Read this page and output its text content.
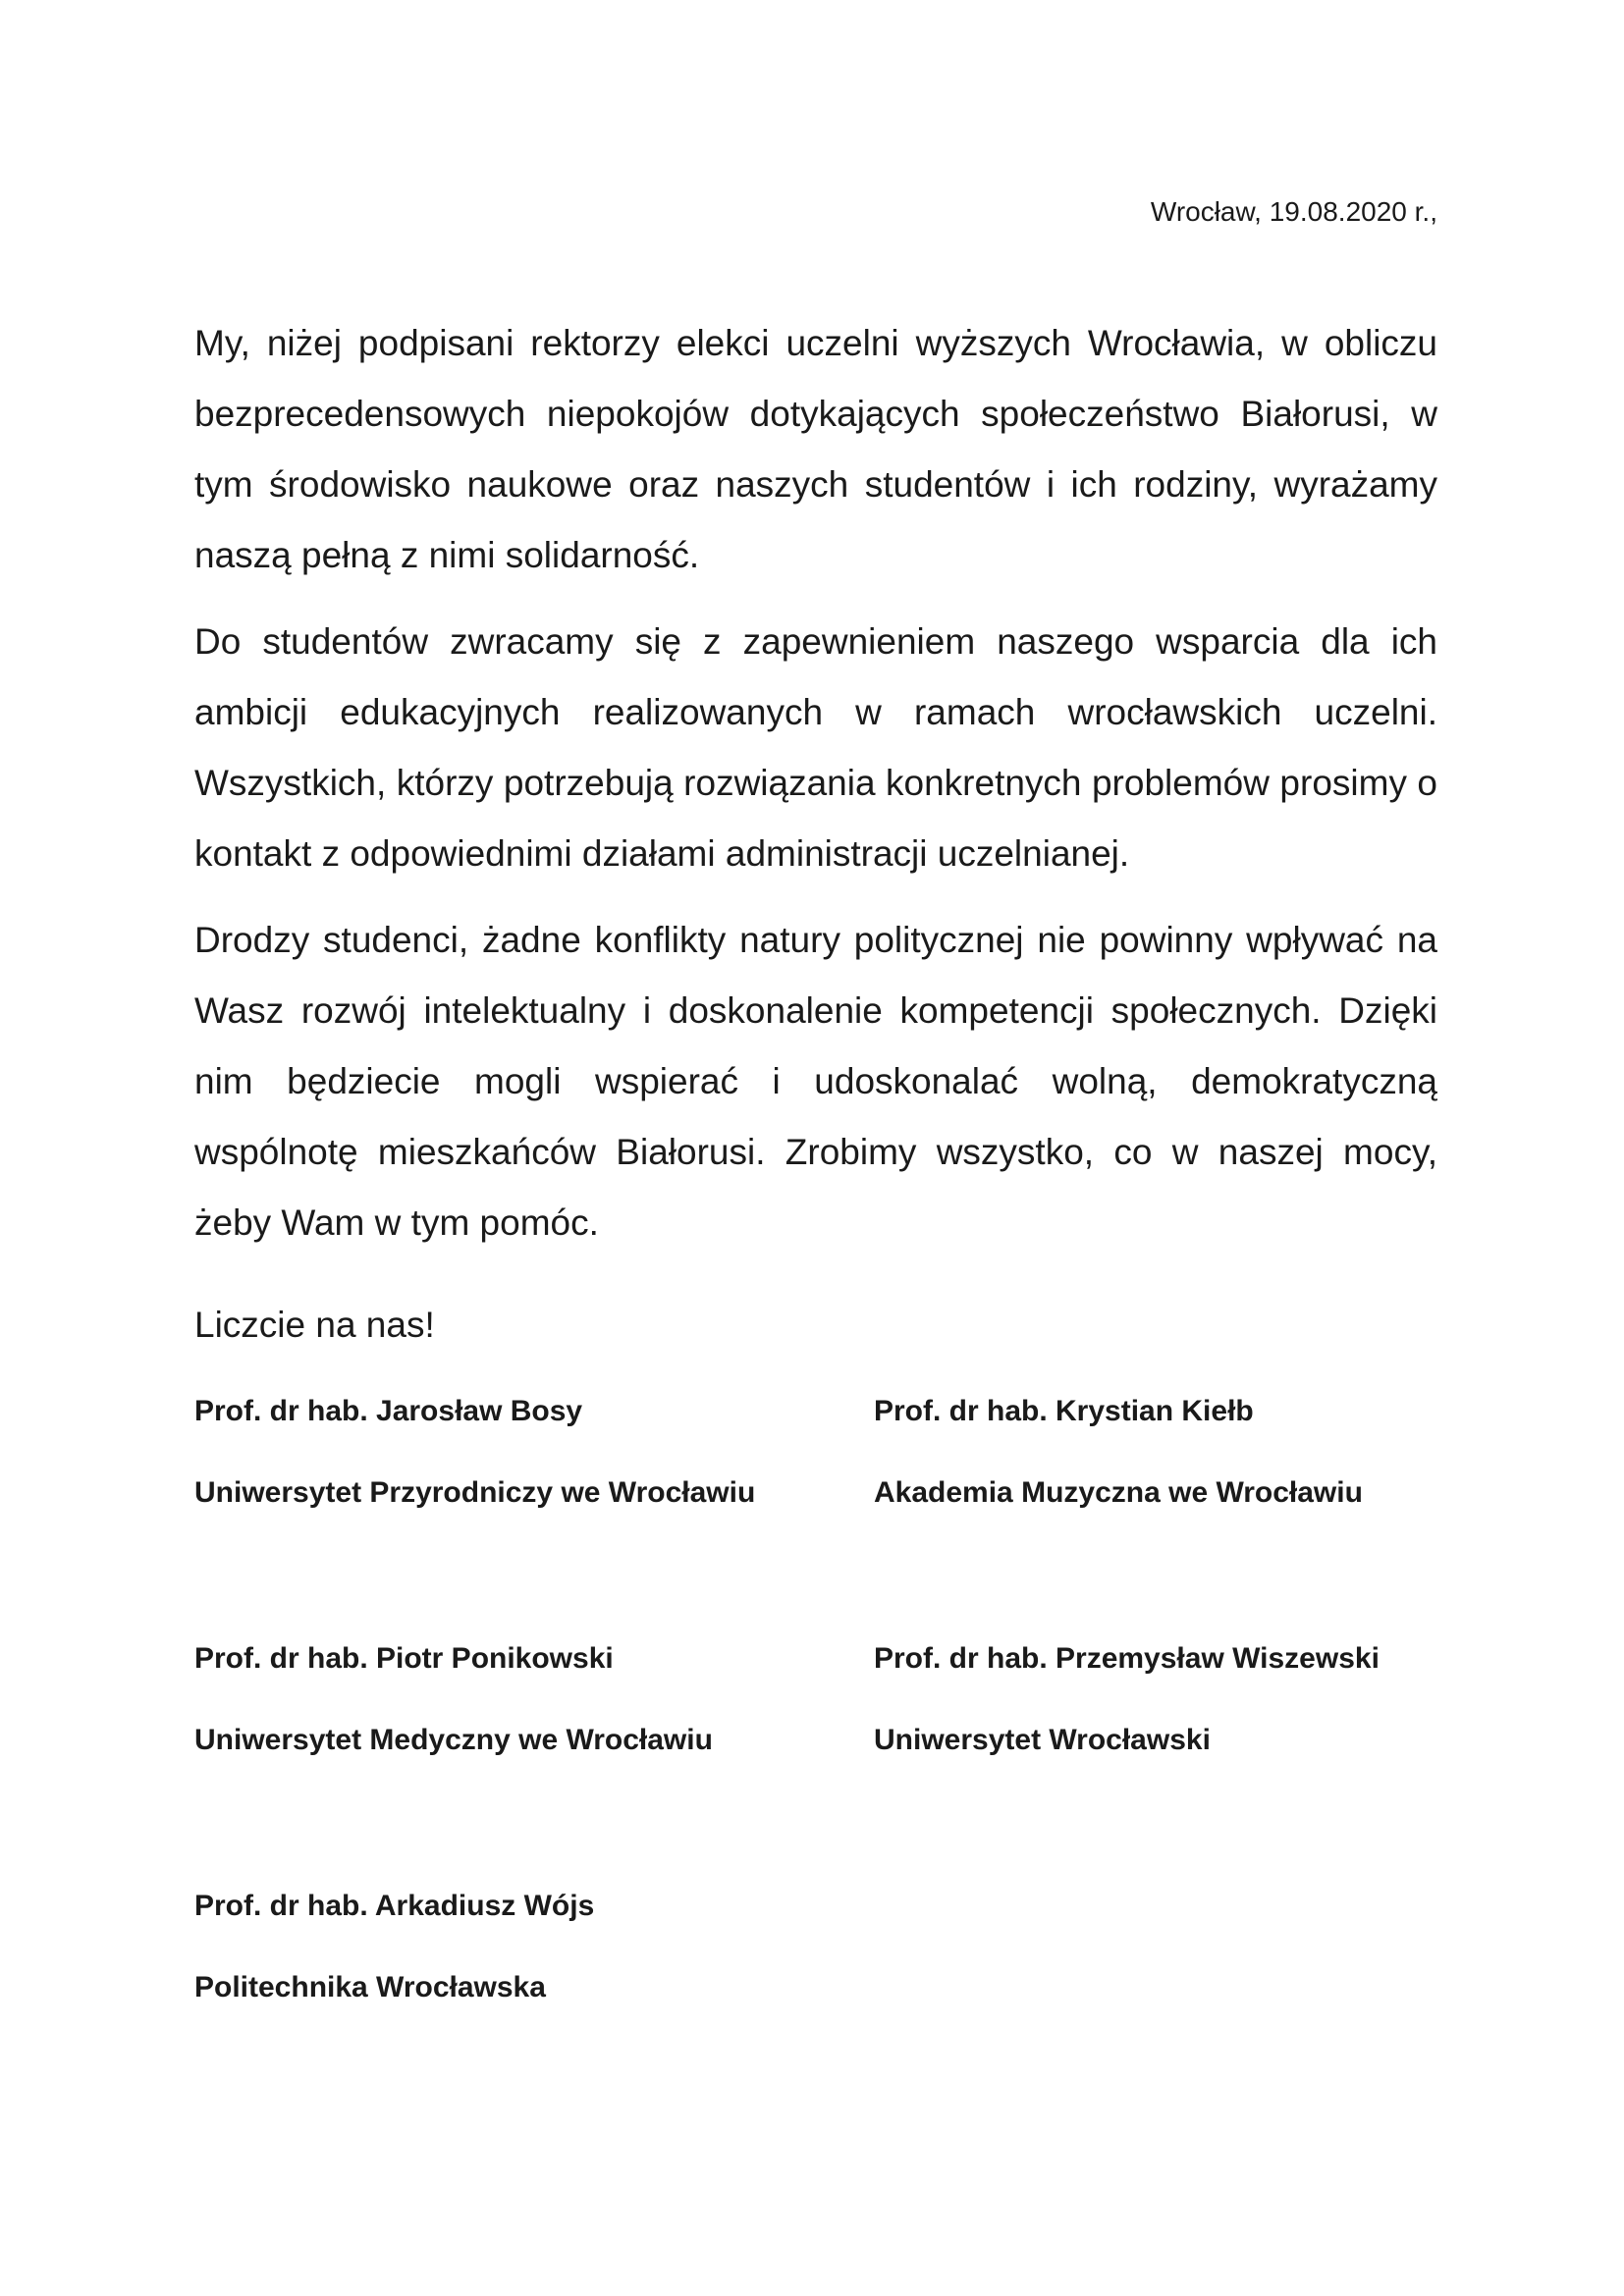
Wrocław, 19.08.2020 r.,

My, niżej podpisani rektorzy elekci uczelni wyższych Wrocławia, w obliczu bezprecedensowych niepokojów dotykających społeczeństwo Białorusi, w tym środowisko naukowe oraz naszych studentów i ich rodziny, wyrażamy naszą pełną z nimi solidarność.

Do studentów zwracamy się z zapewnieniem naszego wsparcia dla ich ambicji edukacyjnych realizowanych w ramach wrocławskich uczelni. Wszystkich, którzy potrzebują rozwiązania konkretnych problemów prosimy o kontakt z odpowiednimi działami administracji uczelnianej.

Drodzy studenci, żadne konflikty natury politycznej nie powinny wpływać na Wasz rozwój intelektualny i doskonalenie kompetencji społecznych. Dzięki nim będziecie mogli wspierać i udoskonalać wolną, demokratyczną wspólnotę mieszkańców Białorusi. Zrobimy wszystko, co w naszej mocy, żeby Wam w tym pomóc.

Liczcie na nas!
Prof. dr hab. Jarosław Bosy
Uniwersytet Przyrodniczy we Wrocławiu
Prof. dr hab. Krystian Kiełb
Akademia Muzyczna we Wrocławiu
Prof. dr hab. Piotr Ponikowski
Uniwersytet Medyczny we Wrocławiu
Prof. dr hab. Przemysław Wiszewski
Uniwersytet Wrocławski
Prof. dr hab. Arkadiusz Wójs
Politechnika Wrocławska
